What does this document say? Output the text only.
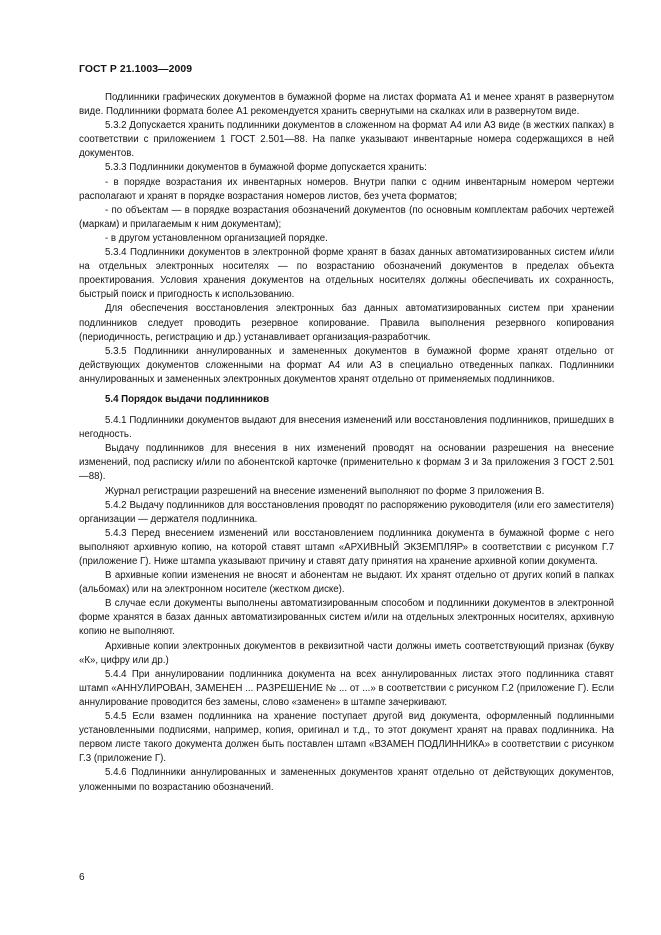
ГОСТ Р 21.1003—2009

Подлинники графических документов в бумажной форме на листах формата А1 и менее хранят в развернутом виде. Подлинники формата более А1 рекомендуется хранить свернутыми на скалках или в развернутом виде.

5.3.2 Допускается хранить подлинники документов в сложенном на формат А4 или А3 виде (в жестких папках) в соответствии с приложением 1 ГОСТ 2.501—88. На папке указывают инвентарные номера содержащихся в ней документов.

5.3.3 Подлинники документов в бумажной форме допускается хранить:

- в порядке возрастания их инвентарных номеров. Внутри папки с одним инвентарным номером чертежи располагают и хранят в порядке возрастания номеров листов, без учета форматов;

- по объектам — в порядке возрастания обозначений документов (по основным комплектам рабочих чертежей (маркам) и прилагаемым к ним документам);

- в другом установленном организацией порядке.

5.3.4 Подлинники документов в электронной форме хранят в базах данных автоматизированных систем и/или на отдельных электронных носителях — по возрастанию обозначений документов в пределах объекта проектирования. Условия хранения документов на отдельных носителях должны обеспечивать их сохранность, быстрый поиск и пригодность к использованию.

Для обеспечения восстановления электронных баз данных автоматизированных систем при хранении подлинников следует проводить резервное копирование. Правила выполнения резервного копирования (периодичность, регистрацию и др.) устанавливает организация-разработчик.

5.3.5 Подлинники аннулированных и замененных документов в бумажной форме хранят отдельно от действующих документов сложенными на формат А4 или А3 в специально отведенных папках. Подлинники аннулированных и замененных электронных документов хранят отдельно от применяемых подлинников.

5.4 Порядок выдачи подлинников

5.4.1 Подлинники документов выдают для внесения изменений или восстановления подлинников, пришедших в негодность.

Выдачу подлинников для внесения в них изменений проводят на основании разрешения на внесение изменений, под расписку и/или по абонентской карточке (применительно к формам 3 и 3а приложения 3 ГОСТ 2.501—88).

Журнал регистрации разрешений на внесение изменений выполняют по форме 3 приложения В.

5.4.2 Выдачу подлинников для восстановления проводят по распоряжению руководителя (или его заместителя) организации — держателя подлинника.

5.4.3 Перед внесением изменений или восстановлением подлинника документа в бумажной форме с него выполняют архивную копию, на которой ставят штамп «АРХИВНЫЙ ЭКЗЕМПЛЯР» в соответствии с рисунком Г.7 (приложение Г). Ниже штампа указывают причину и ставят дату принятия на хранение архивной копии документа.

В архивные копии изменения не вносят и абонентам не выдают. Их хранят отдельно от других копий в папках (альбомах) или на электронном носителе (жестком диске).

В случае если документы выполнены автоматизированным способом и подлинники документов в электронной форме хранятся в базах данных автоматизированных систем и/или на отдельных электронных носителях, архивную копию не выполняют.

Архивные копии электронных документов в реквизитной части должны иметь соответствующий признак (букву «К», цифру или др.)

5.4.4 При аннулировании подлинника документа на всех аннулированных листах этого подлинника ставят штамп «АННУЛИРОВАН, ЗАМЕНЕН ... РАЗРЕШЕНИЕ № ... от ...» в соответствии с рисунком Г.2 (приложение Г). Если аннулирование проводится без замены, слово «заменен» в штампе зачеркивают.

5.4.5 Если взамен подлинника на хранение поступает другой вид документа, оформленный подлинными установленными подписями, например, копия, оригинал и т.д., то этот документ хранят на правах подлинника. На первом листе такого документа должен быть поставлен штамп «ВЗАМЕН ПОДЛИННИКА» в соответствии с рисунком Г.3 (приложение Г).

5.4.6 Подлинники аннулированных и замененных документов хранят отдельно от действующих документов, уложенными по возрастанию обозначений.

6
